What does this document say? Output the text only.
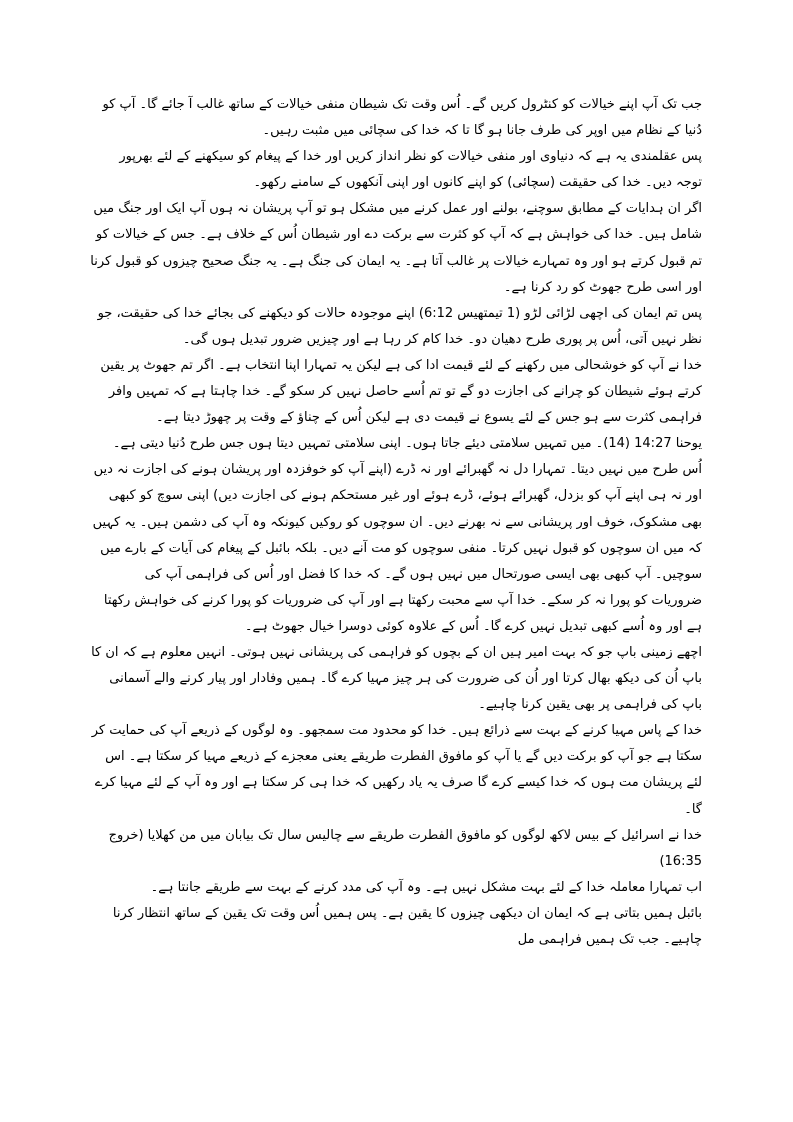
جب تک آپ اپنے خیالات کو کنٹرول کریں گے۔ اُس وقت تک شیطان منفی خیالات کے ساتھ غالب آ جائے گا۔ آپ کو دُنیا کے نظام میں اوپر کی طرف جانا ہو گا تا کہ خدا کی سچائی میں مثبت رہیں۔

پس عقلمندی یہ ہے کہ دنیاوی اور منفی خیالات کو نظر انداز کریں اور خدا کے پیغام کو سیکھنے کے لئے بھرپور توجہ دیں۔ خدا کی حقیقت (سچائی) کو اپنے کانوں اور اپنی آنکھوں کے سامنے رکھو۔

اگر ان ہدایات کے مطابق سوچنے، بولنے اور عمل کرنے میں مشکل ہو تو آپ پریشان نہ ہوں آپ ایک اور جنگ میں شامل ہیں۔ خدا کی خواہش ہے کہ آپ کو کثرت سے برکت دے اور شیطان اُس کے خلاف ہے۔ جس کے خیالات کو تم قبول کرتے ہو اور وہ تمہارے خیالات پر غالب آتا ہے۔ یہ ایمان کی جنگ ہے۔ یہ جنگ صحیح چیزوں کو قبول کرنا اور اسی طرح جھوٹ کو رد کرنا ہے۔

پس تم ایمان کی اچھی لڑائی لڑو (1 تیمتھیس 6:12) اپنے موجودہ حالات کو دیکھنے کی بجائے خدا کی حقیقت، جو نظر نہیں آتی، اُس پر پوری طرح دھیان دو۔ خدا کام کر رہا ہے اور چیزیں ضرور تبدیل ہوں گی۔

خدا نے آپ کو خوشحالی میں رکھنے کے لئے قیمت ادا کی ہے لیکن یہ تمہارا اپنا انتخاب ہے۔ اگر تم جھوٹ پر یقین کرتے ہوئے شیطان کو چرانے کی اجازت دو گے تو تم اُسے حاصل نہیں کر سکو گے۔ خدا چاہتا ہے کہ تمہیں وافر فراہمی کثرت سے ہو جس کے لئے یسوع نے قیمت دی ہے لیکن اُس کے چناؤ کے وقت پر چھوڑ دیتا ہے۔

یوحنا 14:27 (14)۔ میں تمہیں سلامتی دیئے جاتا ہوں۔ اپنی سلامتی تمہیں دیتا ہوں جس طرح دُنیا دیتی ہے۔ اُس طرح میں نہیں دیتا۔ تمہارا دل نہ گھبرائے اور نہ ڈرے (اپنے آپ کو خوفزدہ اور پریشان ہونے کی اجازت نہ دیں اور نہ ہی اپنے آپ کو بزدل، گھبرائے ہوئے، ڈرے ہوئے اور غیر مستحکم ہونے کی اجازت دیں) اپنی سوچ کو کبھی بھی مشکوک، خوف اور پریشانی سے نہ بھرنے دیں۔ ان سوچوں کو روکیں کیونکہ وہ آپ کی دشمن ہیں۔ یہ کہیں کہ میں ان سوچوں کو قبول نہیں کرتا۔ منفی سوچوں کو مت آنے دیں۔ بلکہ بائبل کے پیغام کی آیات کے بارے میں سوچیں۔ آپ کبھی بھی ایسی صورتحال میں نہیں ہوں گے۔ کہ خدا کا فضل اور اُس کی فراہمی آپ کی ضروریات کو پورا نہ کر سکے۔ خدا آپ سے محبت رکھتا ہے اور آپ کی ضروریات کو پورا کرنے کی خواہش رکھتا ہے اور وہ اُسے کبھی تبدیل نہیں کرے گا۔ اُس کے علاوہ کوئی دوسرا خیال جھوٹ ہے۔

اچھے زمینی باپ جو کہ بہت امیر ہیں ان کے بچوں کو فراہمی کی پریشانی نہیں ہوتی۔ انہیں معلوم ہے کہ ان کا باپ اُن کی دیکھ بھال کرتا اور اُن کی ضرورت کی ہر چیز مہیا کرے گا۔ ہمیں وفادار اور پیار کرنے والے آسمانی باپ کی فراہمی پر بھی یقین کرنا چاہیے۔

خدا کے پاس مہیا کرنے کے بہت سے ذرائع ہیں۔ خدا کو محدود مت سمجھو۔ وہ لوگوں کے ذریعے آپ کی حمایت کر سکتا ہے جو آپ کو برکت دیں گے یا آپ کو مافوق الفطرت طریقے یعنی معجزے کے ذریعے مہیا کر سکتا ہے۔ اس لئے پریشان مت ہوں کہ خدا کیسے کرے گا صرف یہ یاد رکھیں کہ خدا ہی کر سکتا ہے اور وہ آپ کے لئے مہیا کرے گا۔

خدا نے اسرائیل کے بیس لاکھ لوگوں کو مافوق الفطرت طریقے سے چالیس سال تک بیابان میں من کھلایا (خروج 16:35)

اب تمہارا معاملہ خدا کے لئے بہت مشکل نہیں ہے۔ وہ آپ کی مدد کرنے کے بہت سے طریقے جانتا ہے۔

بائبل ہمیں بتاتی ہے کہ ایمان ان دیکھی چیزوں کا یقین ہے۔ پس ہمیں اُس وقت تک یقین کے ساتھ انتظار کرنا چاہیے۔ جب تک ہمیں فراہمی مل
